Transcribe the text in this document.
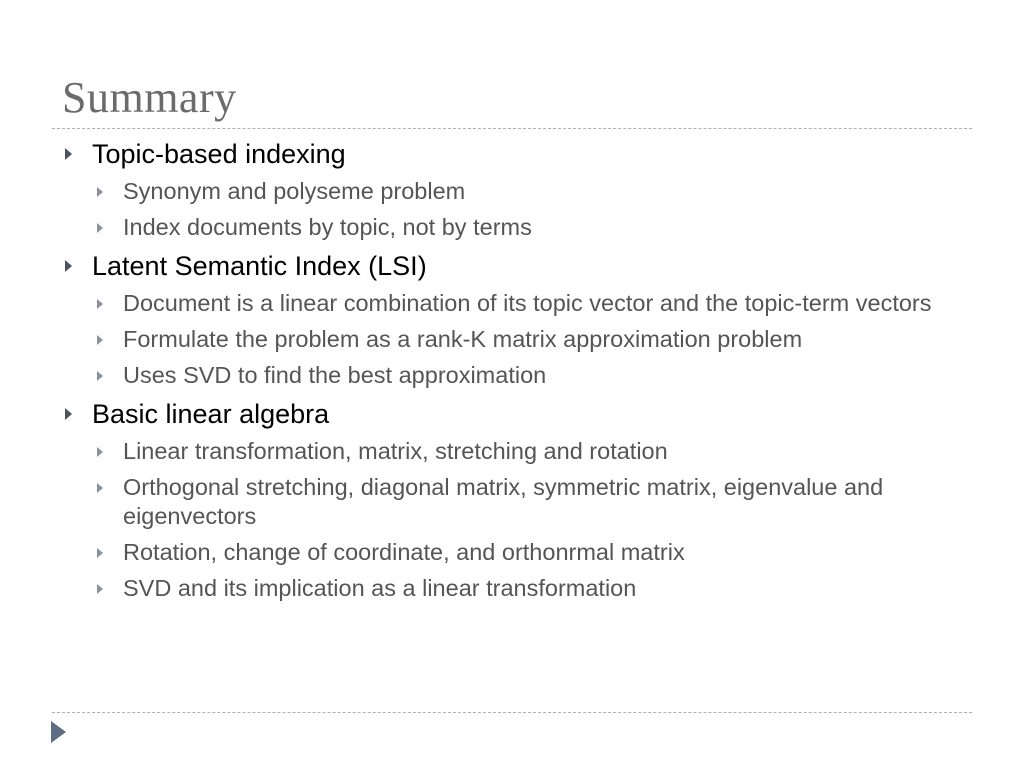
Summary
Topic-based indexing
Synonym and polyseme problem
Index documents by topic, not by terms
Latent Semantic Index (LSI)
Document is a linear combination of its topic vector and the topic-term vectors
Formulate the problem as a rank-K matrix approximation problem
Uses SVD to find the best approximation
Basic linear algebra
Linear transformation, matrix, stretching and rotation
Orthogonal stretching, diagonal matrix, symmetric matrix, eigenvalue and eigenvectors
Rotation, change of coordinate, and orthonrmal matrix
SVD and its implication as a linear transformation
